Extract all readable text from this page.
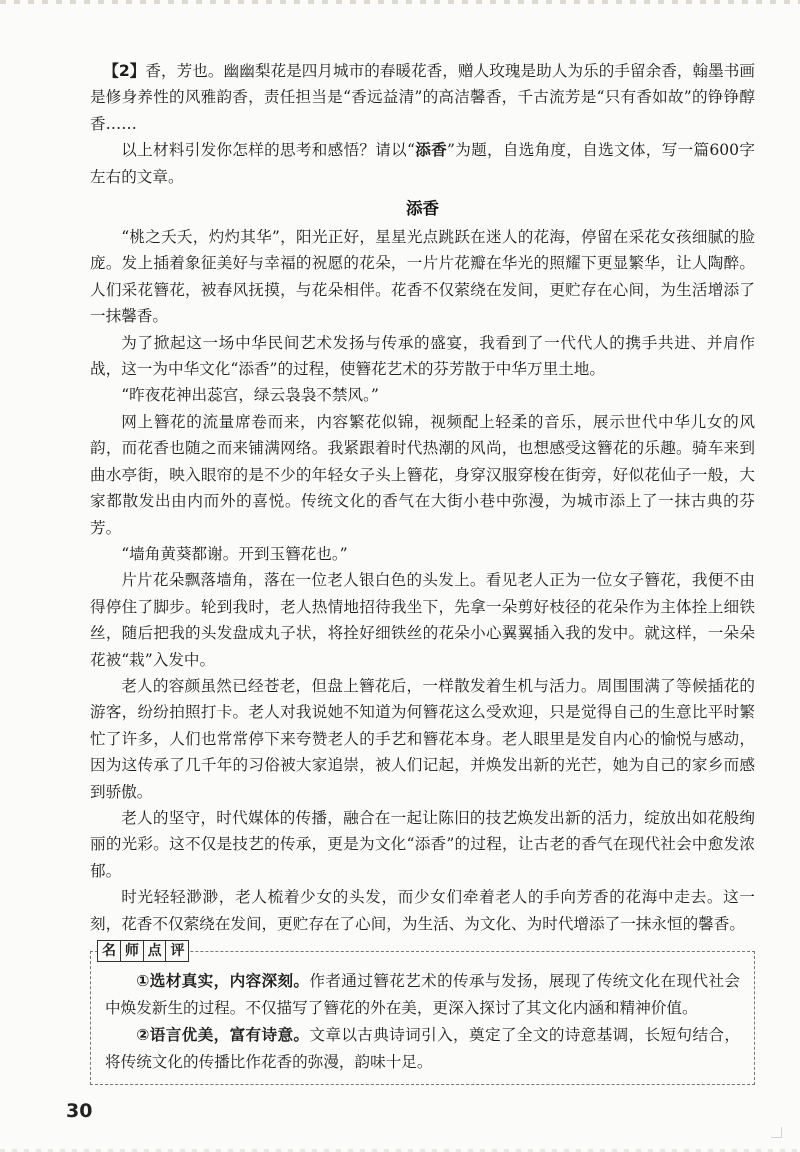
【2】香，芳也。幽幽梨花是四月城市的春暖花香，赠人玫瑰是助人为乐的手留余香，翰墨书画是修身养性的风雅韵香，责任担当是“香远益清”的高洁馨香，千古流芳是“只有香如故”的铮铮醇香……

以上材料引发你怎样的思考和感悟？请以“添香”为题，自选角度，自选文体，写一篇600字左右的文章。

添香

“桃之夭夭，灼灼其华”，阳光正好，星星光点跳跃在迷人的花海，停留在采花女孩细腻的脸庞。发上插着象征美好与幸福的祝愿的花朵，一片片花瓣在华光的照耀下更显繁华，让人陶醉。人们采花簪花，被春风抚摸，与花朵相伴。花香不仅萦绕在发间，更贮存在心间，为生活增添了一抹馨香。

为了掀起这一场中华民间艺术发扬与传承的盛宴，我看到了一代代人的携手共进、并肩作战，这一为中华文化“添香”的过程，使簪花艺术的芬芳散于中华万里土地。

“昨夜花神出蕊宫，绿云袅袅不禁风。”

网上簪花的流量席卷而来，内容繁花似锦，视频配上轻柔的音乐，展示世代中华儿女的风韵，而花香也随之而来铺满网络。我紧跟着时代热潮的风尚，也想感受这簪花的乐趣。骑车来到曲水亭街，映入眼帘的是不少的年轻女子头上簪花，身穿汉服穿梭在街旁，好似花仙子一般，大家都散发出由内而外的喜悦。传统文化的香气在大街小巷中弥漫，为城市添上了一抹古典的芬芳。

“墙角黄葵都谢。开到玉簪花也。”

片片花朵飘落墙角，落在一位老人银白色的头发上。看见老人正为一位女子簪花，我便不由得停住了脚步。轮到我时，老人热情地招待我坐下，先拿一朵剪好枝径的花朵作为主体拴上细铁丝，随后把我的头发盘成丸子状，将拴好细铁丝的花朵小心翼翼插入我的发中。就这样，一朵朵花被“栽”入发中。

老人的容颜虽然已经苍老，但盘上簪花后，一样散发着生机与活力。周围围满了等候插花的游客，纷纷拍照打卡。老人对我说她不知道为何簪花这么受欢迎，只是觉得自己的生意比平时繁忙了许多，人们也常常停下来夸赞老人的手艺和簪花本身。老人眼里是发自内心的愉悦与感动，因为这传承了几千年的习俗被大家追崇，被人们记起，并焕发出新的光芒，她为自己的家乡而感到骄傲。

老人的坚守，时代媒体的传播，融合在一起让陈旧的技艺焕发出新的活力，绽放出如花般绚丽的光彩。这不仅是技艺的传承，更是为文化“添香”的过程，让古老的香气在现代社会中愈发浓郁。

时光轻轻渺渺，老人梳着少女的头发，而少女们牵着老人的手向芳香的花海中走去。这一刻，花香不仅萦绕在发间，更贮存在了心间，为生活、为文化、为时代增添了一抹永恒的馨香。

名 师 点 评

①选材真实，内容深刻。作者通过簪花艺术的传承与发扬，展现了传统文化在现代社会中焕发新生的过程。不仅描写了簪花的外在美，更深入探讨了其文化内涵和精神价值。

②语言优美，富有诗意。文章以古典诗词引入，奠定了全文的诗意基调，长短句结合，将传统文化的传播比作花香的弥漫，韵味十足。

30
